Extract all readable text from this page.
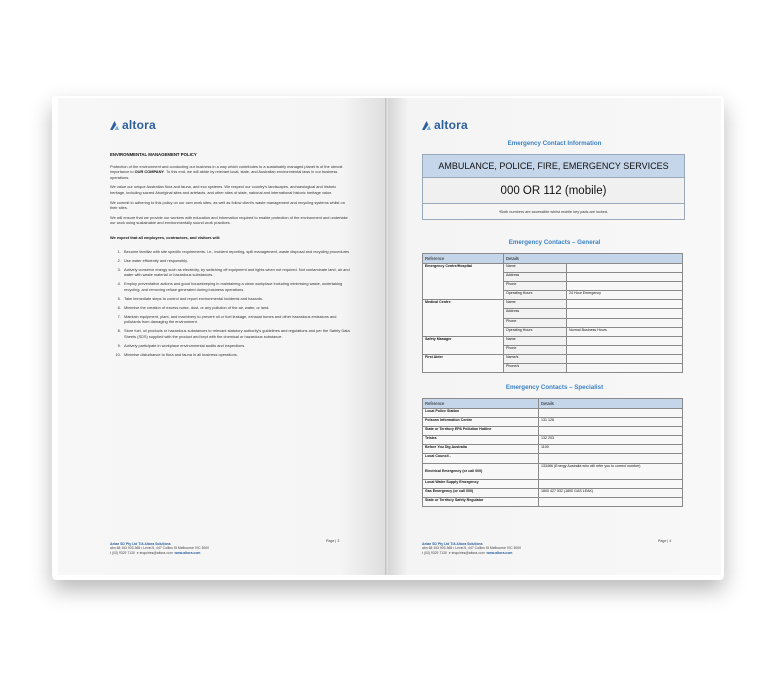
altora
ENVIRONMENTAL MANAGEMENT POLICY
Protection of the environment and conducting our business in a way which contributes to a sustainably managed planet is of the utmost importance to OUR COMPANY. To this end, we will abide by relevant local, state, and Australian environmental laws in our business operations.
We value our unique Australian flora and fauna, and eco systems. We respect our country's landscapes, archaeological and historic heritage, including sacred Aboriginal sites and artefacts, and other sites of state, national and international historic heritage value.
We commit to adhering to this policy on our own work sites, as well as follow client's waste management and recycling systems whilst on their sites.
We will ensure that we provide our workers with education and information required to enable protection of the environment and undertake our work using sustainable and environmentally sound work practices.
We expect that all employees, contractors, and visitors will:
1. Become familiar with site specific requirements. i.e., incident reporting, spill management, waste disposal and recycling procedures
2. Use water efficiently and responsibly.
3. Actively conserve energy such as electricity, by switching off equipment and lights when not required. Not contaminate land, air and water with waste material or hazardous substances.
4. Employ preventative actions and good housekeeping in maintaining a clean workplace including minimising waste, undertaking recycling, and removing refuse generated during business operations.
5. Take immediate steps to control and report environmental incidents and hazards.
6. Minimise the creation of excess noise, dust, or any pollution of the air, water, or land.
7. Maintain equipment, plant, and machinery to prevent oil or fuel leakage, exhaust fumes and other hazardous emissions and pollutants from damaging the environment.
8. Store fuel, oil products or hazardous substances to relevant statutory authority's guidelines and regulations and per the Safety Data Sheets (SDS) supplied with the product and kept with the chemical or hazardous substance.
9. Actively participate in workplace environmental audits and inspections.
10. Minimise disturbance to flora and fauna in all business operations.
Page | 3
Aelan SD Pty Ltd T/A Altora Solutions
abn 68 153 003 368 • Level 5, 447 Collins St Melbourne VIC 3000
t (03) 9329 7130 e enquiries@altora.com www.altora.com
altora
Emergency Contact Information
AMBULANCE, POLICE, FIRE, EMERGENCY SERVICES
000 OR 112 (mobile)
*Both numbers are accessible whilst mobile key pads are locked.
Emergency Contacts – General
Reference	Details	
Emergency Centre/Hospital	Name	
	Address	
	Phone	
	Operating Hours	24 Hour Emergency
Medical Centre	Name	
	Address	
	Phone	
	Operating Hours	Normal Business Hours
Safety Manager	Name	
	Phone	
First Aider	Name/s	
	Phone/s	
Emergency Contacts – Specialist
Reference	Details
Local Police Station	
Poisons Information Centre	131 126
State or Territory EPA Pollution Hotline	
Telstra	132 203
Before You Dig Australia	1100
Local Council -	
Electrical Emergency (or call 000)	133466 (Energy Australia who will refer you to correct number)
Local Water Supply Emergency	
Gas Emergency (or call 000)	1800 427 532 (1800 GAS LEAK)
State or Territory Safety Regulator	
Page | 4
Aelan SD Pty Ltd T/A Altora Solutions
abn 68 153 003 368 • Level 5, 447 Collins St Melbourne VIC 3000
t (03) 9329 7130 e enquiries@altora.com www.altora.com
